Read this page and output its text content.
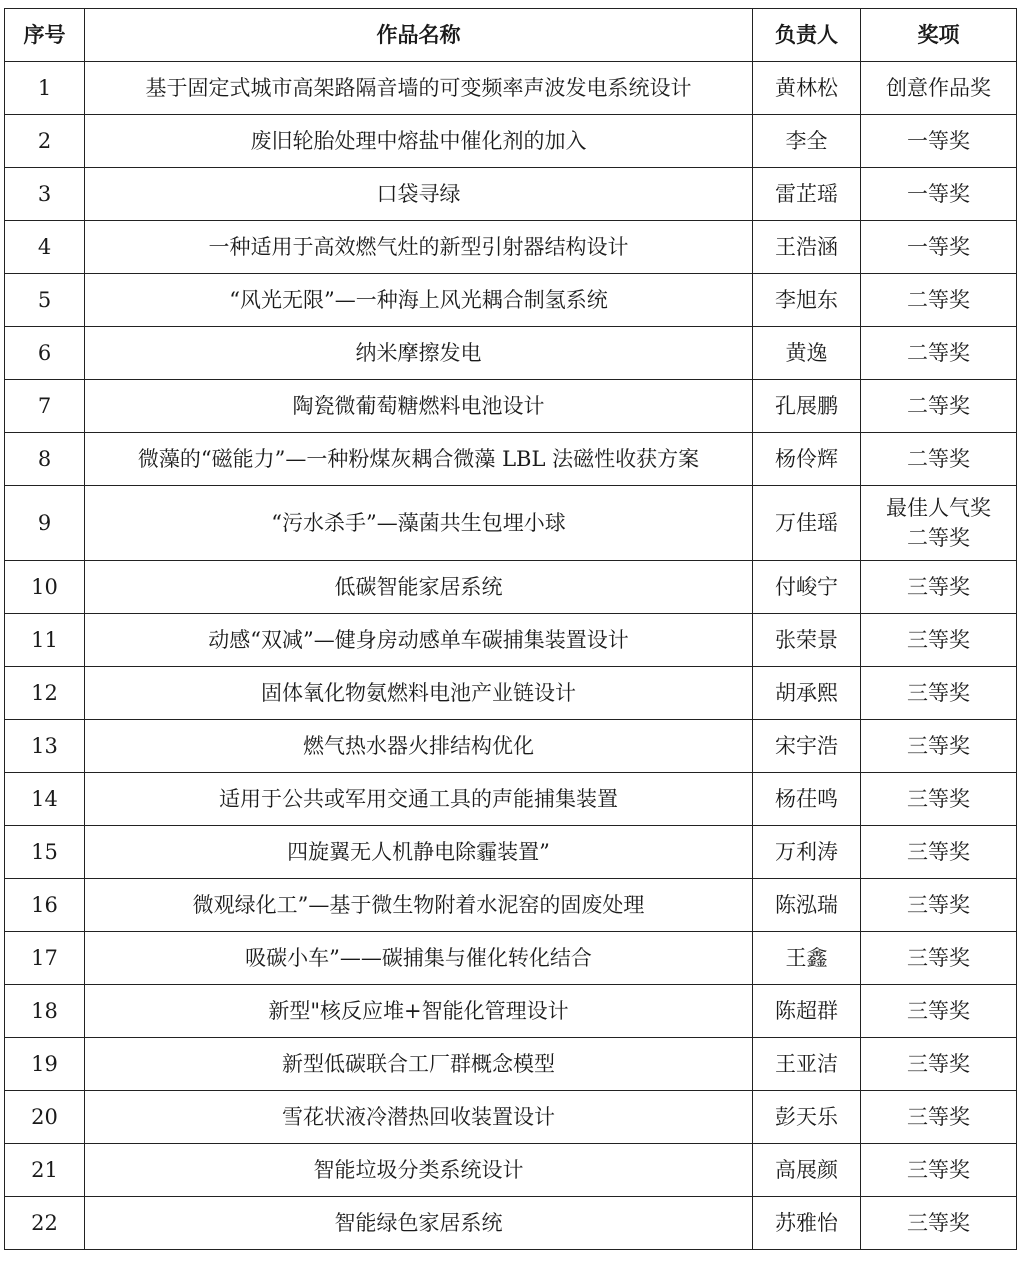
序号	作品名称	负责人	奖项
1	基于固定式城市高架路隔音墙的可变频率声波发电系统设计	黄林松	创意作品奖

2	废旧轮胎处理中熔盐中催化剂的加入	李全	一等奖

3	口袋寻绿	雷芷瑶	一等奖

4	一种适用于高效燃气灶的新型引射器结构设计	王浩涵	一等奖

5	“风光无限”—一种海上风光耦合制氢系统	李旭东	二等奖

6	纳米摩擦发电	黄逸	二等奖

7	陶瓷微葡萄糖燃料电池设计	孔展鹏	二等奖

8	微藻的“磁能力”—一种粉煤灰耦合微藻 LBL 法磁性收获方案	杨伶辉	二等奖

9	“污水杀手”—藻菌共生包埋小球	万佳瑶	最佳人气奖
二等奖

10	低碳智能家居系统	付峻宁	三等奖

11	动感“双减”—健身房动感单车碳捕集装置设计	张荣景	三等奖

12	固体氧化物氨燃料电池产业链设计	胡承熙	三等奖

13	燃气热水器火排结构优化	宋宇浩	三等奖

14	适用于公共或军用交通工具的声能捕集装置	杨茌鸣	三等奖

15	四旋翼无人机静电除霾装置”	万利涛	三等奖

16	微观绿化工”—基于微生物附着水泥窑的固废处理	陈泓瑞	三等奖

17	吸碳小车”——碳捕集与催化转化结合	王鑫	三等奖

18	新型"核反应堆+智能化管理设计	陈超群	三等奖

19	新型低碳联合工厂群概念模型	王亚洁	三等奖

20	雪花状液冷潜热回收装置设计	彭天乐	三等奖

21	智能垃圾分类系统设计	高展颜	三等奖

22	智能绿色家居系统	苏雅怡	三等奖
